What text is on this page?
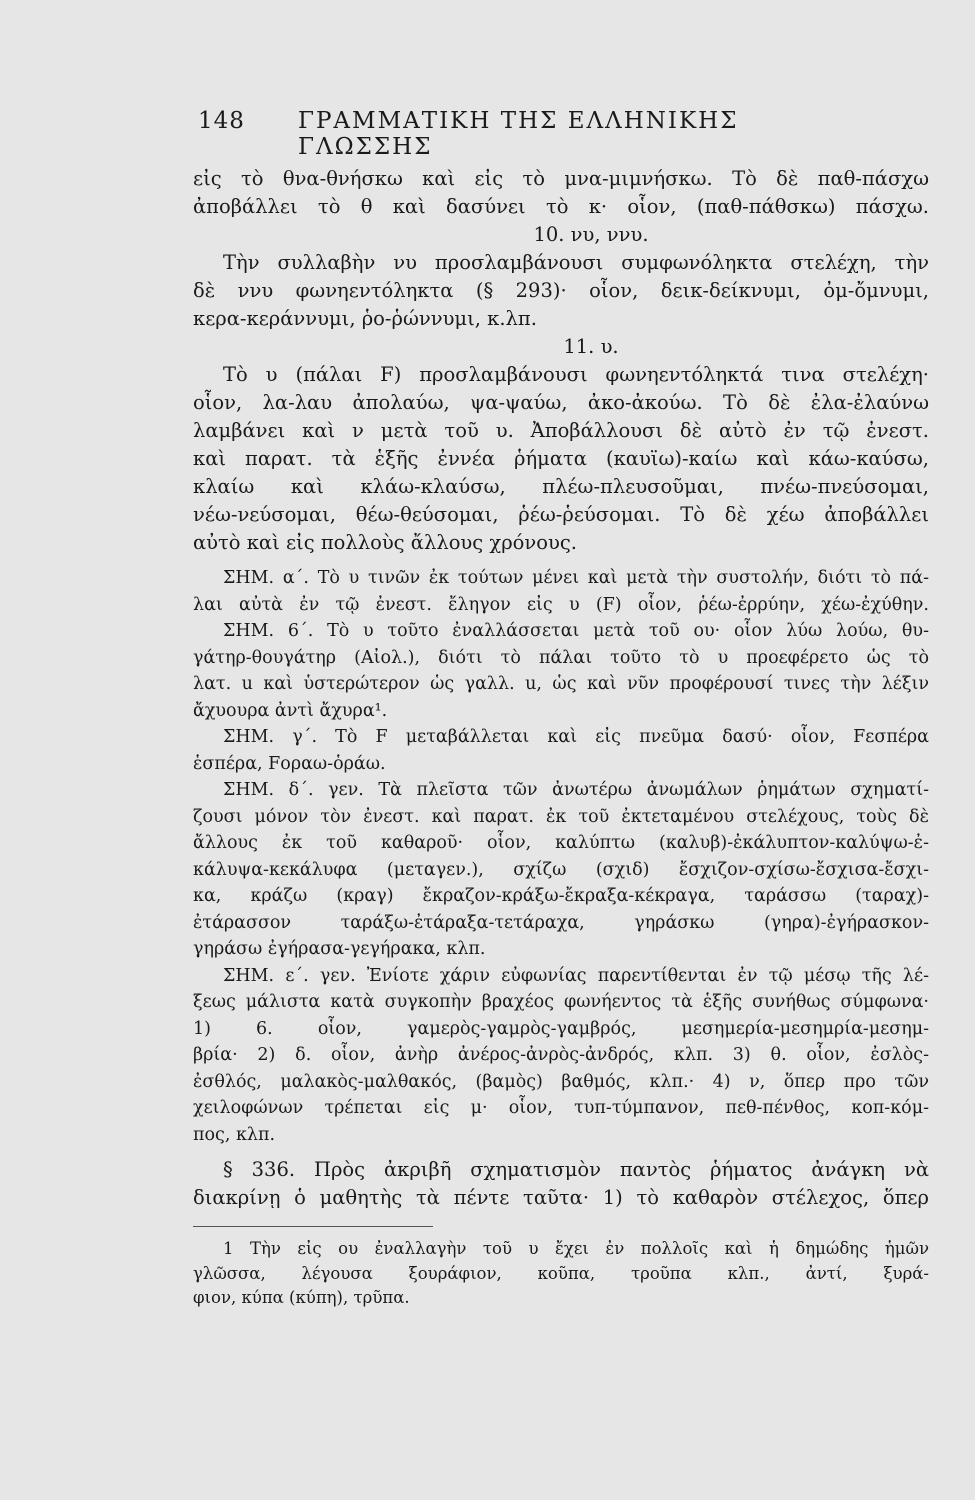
148 ΓΡΑΜΜΑΤΙΚΗ ΤΗΣ ΕΛΛΗΝΙΚΗΣ ΓΛΩΣΣΗΣ
εἰς τὸ θνα-θνήσκω καὶ εἰς τὸ μνα-μιμνήσκω. Τὸ δὲ παθ-πάσχω
ἀποβάλλει τὸ θ καὶ δασύνει τὸ κ· οἷον, (παθ-πάθσκω) πάσχω.
10. νυ, ννυ.
Τὴν συλλαβὴν νυ προσλαμβάνουσι συμφωνόληκτα στελέχη, τὴν
δὲ ννυ φωνηεντόληκτα (§ 293)· οἷον, δεικ-δείκνυμι, ὀμ-ὄμνυμι,
κερα-κεράννυμι, ῥο-ῥώννυμι, κ.λπ.
11. υ.
Τὸ υ (πάλαι F) προσλαμβάνουσι φωνηεντόληκτά τινα στελέχη·
οἷον, λα-λαυ ἀπολαύω, ψα-ψαύω, ἀκο-ἀκούω. Τὸ δὲ ἐλα-ἐλαύνω
λαμβάνει καὶ ν μετὰ τοῦ υ. Ἀποβάλλουσι δὲ αὐτὸ ἐν τῷ ἐνεστ.
καὶ παρατ. τὰ ἑξῆς ἐννέα ῥήματα (καυϊω)-καίω καὶ κάω-καύσω,
κλαίω καὶ κλάω-κλαύσω, πλέω-πλευσοῦμαι, πνέω-πνεύσομαι,
νέω-νεύσομαι, θέω-θεύσομαι, ῥέω-ῥεύσομαι. Τὸ δὲ χέω ἀποβάλλει
αὐτὸ καὶ εἰς πολλοὺς ἄλλους χρόνους.
ΣΗΜ. α΄. Τὸ υ τινῶν ἐκ τούτων μένει καὶ μετὰ τὴν συστολήν, διότι τὸ πά-
λαι αὐτὰ ἐν τῷ ἐνεστ. ἔληγον εἰς υ (F) οἷον, ῥέω-ἐρρύην, χέω-ἐχύθην.
ΣΗΜ. 6΄. Τὸ υ τοῦτο ἐναλλάσσεται μετὰ τοῦ ου· οἷον λύω λούω, θυ-
γάτηρ-θουγάτηρ (Αἰολ.), διότι τὸ πάλαι τοῦτο τὸ υ προεφέρετο ὡς τὸ
λατ. u καὶ ὑστερώτερον ὡς γαλλ. u, ὡς καὶ νῦν προφέρουσί τινες τὴν λέξιν
ἄχυουρα ἀντὶ ἄχυρα¹.
ΣΗΜ. γ΄. Τὸ F μεταβάλλεται καὶ εἰς πνεῦμα δασύ· οἷον, Fεσπέρα
ἑσπέρα, Fοραω-ὁράω.
ΣΗΜ. δ΄. γεν. Τὰ πλεῖστα τῶν ἀνωτέρω ἀνωμάλων ῥημάτων σχηματί-
ζουσι μόνον τὸν ἐνεστ. καὶ παρατ. ἐκ τοῦ ἐκτεταμένου στελέχους, τοὺς δὲ
ἄλλους ἐκ τοῦ καθαροῦ· οἷον, καλύπτω (καλυβ)-ἐκάλυπτον-καλύψω-ἐ-
κάλυψα-κεκάλυφα (μεταγεν.), σχίζω (σχιδ) ἔσχιζον-σχίσω-ἔσχισα-ἔσχι-
κα, κράζω (κραγ) ἔκραζον-κράξω-ἔκραξα-κέκραγα, ταράσσω (ταραχ)-
ἐτάρασσον ταράξω-ἐτάραξα-τετάραχα, γηράσκω (γηρα)-ἐγήρασκον-
γηράσω ἐγήρασα-γεγήρακα, κλπ.
ΣΗΜ. ε΄. γεν. Ἐνίοτε χάριν εὐφωνίας παρεντίθενται ἐν τῷ μέσῳ τῆς λέ-
ξεως μάλιστα κατὰ συγκοπὴν βραχέος φωνήεντος τὰ ἑξῆς συνήθως σύμφωνα·
1) 6. οἷον, γαμερὸς-γαμρὸς-γαμβρός, μεσημερία-μεσημρία-μεσημ-
βρία· 2) δ. οἷον, ἀνὴρ ἀνέρος-ἀνρὸς-ἀνδρός, κλπ. 3) θ. οἷον, ἐσλὸς-
ἐσθλός, μαλακὸς-μαλθακός, (βαμὸς) βαθμός, κλπ.· 4) ν, ὅπερ προ τῶν
χειλοφώνων τρέπεται εἰς μ· οἷον, τυπ-τύμπανον, πεθ-πένθος, κοπ-κόμ-
πος, κλπ.
§ 336. Πρὸς ἀκριβῆ σχηματισμὸν παντὸς ῥήματος ἀνάγκη νὰ
διακρίνῃ ὁ μαθητὴς τὰ πέντε ταῦτα· 1) τὸ καθαρὸν στέλεχος, ὅπερ
1 Τὴν εἰς ου ἐναλλαγὴν τοῦ υ ἔχει ἐν πολλοῖς καὶ ἡ δημώδης ἡμῶν
γλῶσσα, λέγουσα ξουράφιον, κοῦπα, τροῦπα κλπ., ἀντί, ξυρά-
φιον, κύπα (κύπη), τρῦπα.
